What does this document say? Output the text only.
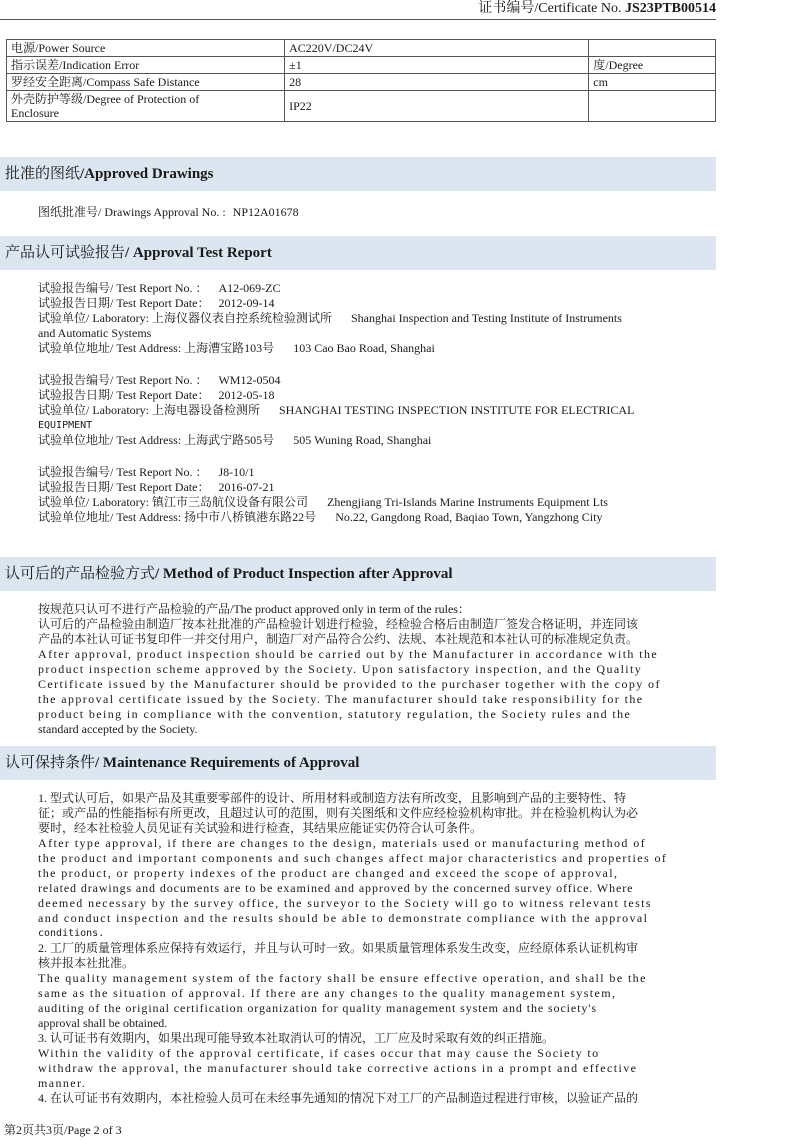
证书编号/Certificate No. JS23PTB00514
电源/Power Source	AC220V/DC24V	
指示误差/Indication Error	±1	度/Degree
罗经安全距离/Compass Safe Distance	28	cm

外壳防护等级/Degree of Protection of
Enclosure	IP22	
批准的图纸/Approved Drawings
图纸批准号/ Drawings Approval No. : NP12A01678
产品认可试验报告/ Approval Test Report
试验报告编号/ Test Report No. ： A12-069-ZC
试验报告日期/ Test Report Date： 2012-09-14
试验单位/ Laboratory: 上海仪器仪表自控系统检验测试所 Shanghai Inspection and Testing Institute of Instruments
and Automatic Systems
试验单位地址/ Test Address: 上海漕宝路103号 103 Cao Bao Road, Shanghai
试验报告编号/ Test Report No. ： WM12-0504
试验报告日期/ Test Report Date： 2012-05-18
试验单位/ Laboratory: 上海电器设备检测所 SHANGHAI TESTING INSPECTION INSTITUTE FOR ELECTRICAL
EQUIPMENT
试验单位地址/ Test Address: 上海武宁路505号 505 Wuning Road, Shanghai
试验报告编号/ Test Report No. ： J8-10/1
试验报告日期/ Test Report Date： 2016-07-21
试验单位/ Laboratory: 镇江市三岛航仪设备有限公司 Zhengjiang Tri-Islands Marine Instruments Equipment Lts
试验单位地址/ Test Address: 扬中市八桥镇港东路22号 No.22, Gangdong Road, Baqiao Town, Yangzhong City
认可后的产品检验方式/ Method of Product Inspection after Approval
按规范只认可不进行产品检验的产品/The product approved only in term of the rules：
认可后的产品检验由制造厂按本社批准的产品检验计划进行检验，经检验合格后由制造厂签发合格证明，并连同该
产品的本社认可证书复印件一并交付用户，制造厂对产品符合公约、法规、本社规范和本社认可的标准规定负责。
After approval, product inspection should be carried out by the Manufacturer in accordance with the
product inspection scheme approved by the Society. Upon satisfactory inspection, and the Quality
Certificate issued by the Manufacturer should be provided to the purchaser together with the copy of
the approval certificate issued by the Society. The manufacturer should take responsibility for the
product being in compliance with the convention, statutory regulation, the Society rules and the
standard accepted by the Society.
认可保持条件/ Maintenance Requirements of Approval
1. 型式认可后，如果产品及其重要零部件的设计、所用材料或制造方法有所改变，且影响到产品的主要特性、特
征；或产品的性能指标有所更改，且超过认可的范围，则有关图纸和文件应经检验机构审批。并在检验机构认为必
要时，经本社检验人员见证有关试验和进行检查，其结果应能证实仍符合认可条件。
After type approval, if there are changes to the design, materials used or manufacturing method of
the product and important components and such changes affect major characteristics and properties of
the product, or property indexes of the product are changed and exceed the scope of approval,
related drawings and documents are to be examined and approved by the concerned survey office. Where
deemed necessary by the survey office, the surveyor to the Society will go to witness relevant tests
and conduct inspection and the results should be able to demonstrate compliance with the approval
conditions.
2. 工厂的质量管理体系应保持有效运行，并且与认可时一致。如果质量管理体系发生改变，应经原体系认证机构审
核并报本社批准。
The quality management system of the factory shall be ensure effective operation, and shall be the
same as the situation of approval. If there are any changes to the quality management system,
auditing of the original certification organization for quality management system and the society's
approval shall be obtained.
3. 认可证书有效期内，如果出现可能导致本社取消认可的情况，工厂应及时采取有效的纠正措施。
Within the validity of the approval certificate, if cases occur that may cause the Society to
withdraw the approval, the manufacturer should take corrective actions in a prompt and effective
manner.
4. 在认可证书有效期内，本社检验人员可在未经事先通知的情况下对工厂的产品制造过程进行审核，以验证产品的
第2页共3页/Page 2 of 3
